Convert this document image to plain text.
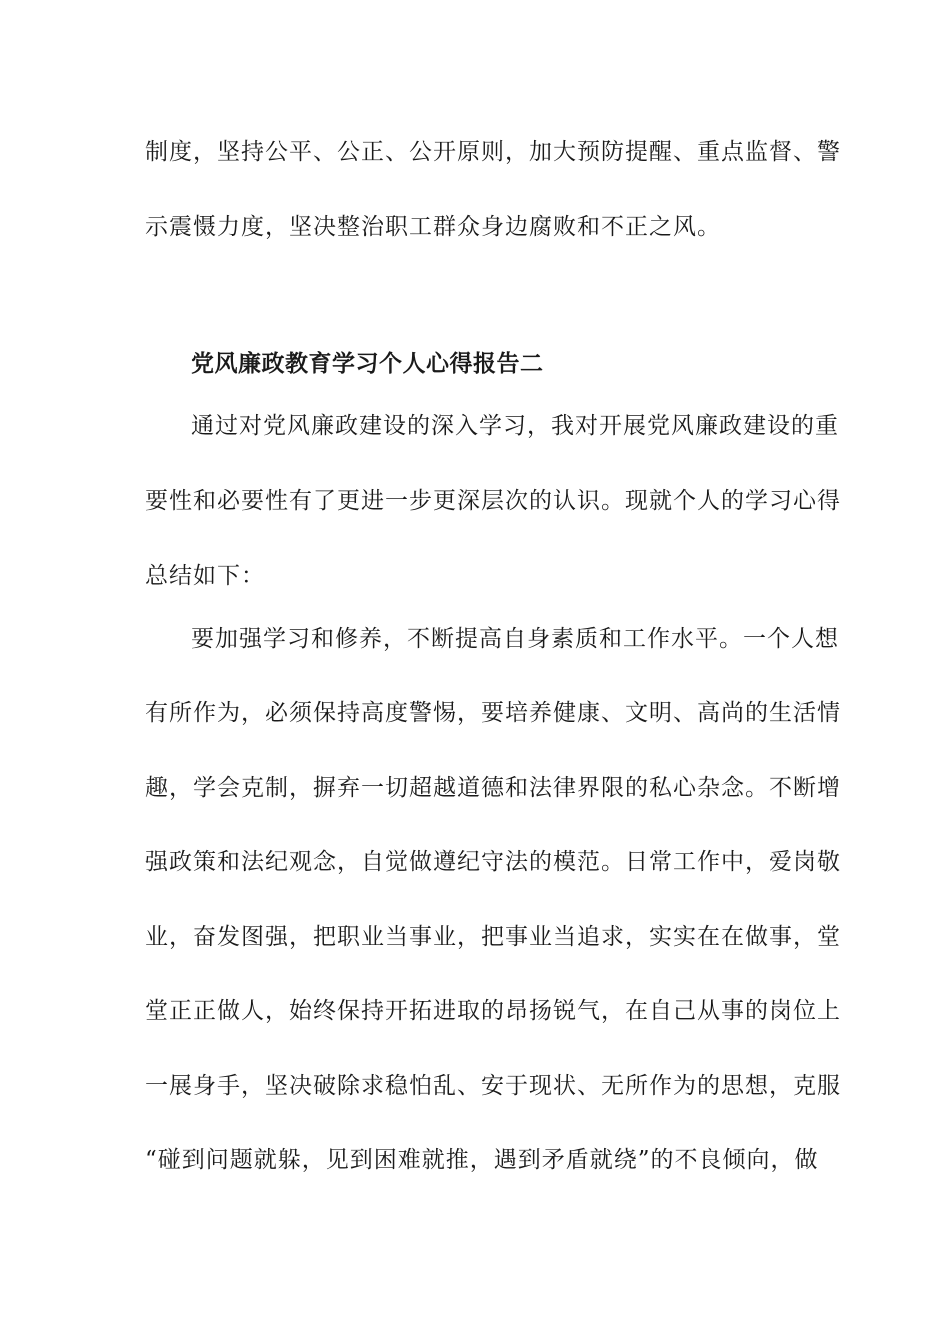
制度，坚持公平、公正、公开原则，加大预防提醒、重点监督、警
示震慑力度，坚决整治职工群众身边腐败和不正之风。
党风廉政教育学习个人心得报告二
通过对党风廉政建设的深入学习，我对开展党风廉政建设的重
要性和必要性有了更进一步更深层次的认识。现就个人的学习心得
总结如下：
要加强学习和修养，不断提高自身素质和工作水平。一个人想
有所作为，必须保持高度警惕，要培养健康、文明、高尚的生活情
趣，学会克制，摒弃一切超越道德和法律界限的私心杂念。不断增
强政策和法纪观念，自觉做遵纪守法的模范。日常工作中，爱岗敬
业，奋发图强，把职业当事业，把事业当追求，实实在在做事，堂
堂正正做人，始终保持开拓进取的昂扬锐气，在自己从事的岗位上
一展身手，坚决破除求稳怕乱、安于现状、无所作为的思想，克服
“碰到问题就躲，见到困难就推，遇到矛盾就绕”的不良倾向，做
